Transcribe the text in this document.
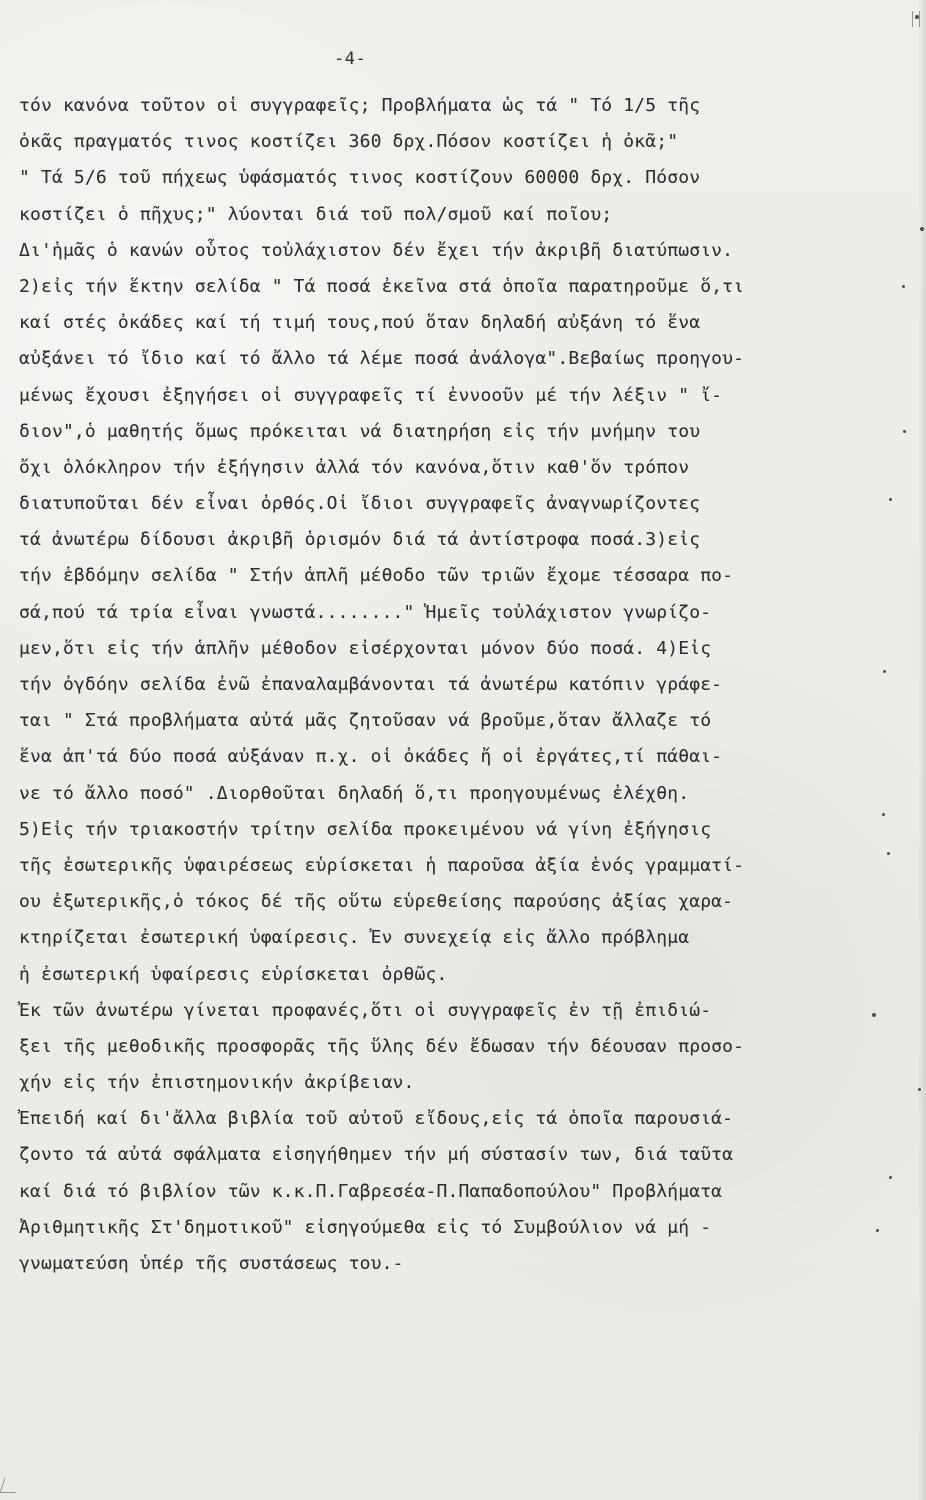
-4-
τόν κανόνα τοῦτον οἱ συγγραφεῖς; Προβλήματα ὡς τά " Τό 1/5 τῆς
ὀκᾶς πραγματός τινος κοστίζει 360 δρχ.Πόσον κοστίζει ἡ ὀκᾶ;"
" Τά 5/6 τοῦ πήχεως ὑφάσματός τινος κοστίζουν 60000 δρχ. Πόσον
κοστίζει ὁ πῆχυς;" λύονται διά τοῦ πολ/σμοῦ καί ποῖου;
Δι'ἡμᾶς ὁ κανών οὗτος τοὐλάχιστον δέν ἔχει τήν ἀκριβῆ διατύπωσιν.
2)εἰς τήν ἕκτην σελίδα " Τά ποσά ἐκεῖνα στά ὁποῖα παρατηροῦμε ὅ,τι
καί στές ὀκάδες καί τή τιμή τους,πού ὅταν δηλαδή αὐξάνη τό ἕνα
αὐξάνει τό ἴδιο καί τό ἄλλο τά λέμε ποσά ἀνάλογα".Βεβαίως προηγου-
μένως ἔχουσι ἐξηγήσει οἱ συγγραφεῖς τί ἐννοοῦν μέ τήν λέξιν " ἴ-
διον",ὁ μαθητής ὅμως πρόκειται νά διατηρήση εἰς τήν μνήμην του
ὄχι ὁλόκληρον τήν ἐξήγησιν ἀλλά τόν κανόνα,ὅτιν καθ'ὅν τρόπον
διατυποῦται δέν εἶναι ὀρθός.Οἱ ἴδιοι συγγραφεῖς ἀναγνωρίζοντες
τά ἀνωτέρω δίδουσι ἀκριβῆ ὁρισμόν διά τά ἀντίστροφα ποσά.3)εἰς
τήν ἑβδόμην σελίδα " Στήν ἁπλῆ μέθοδο τῶν τριῶν ἔχομε τέσσαρα πο-
σά,πού τά τρία εἶναι γνωστά........" Ἡμεῖς τοὐλάχιστον γνωρίζο-
μεν,ὅτι εἰς τήν ἁπλῆν μέθοδον εἰσέρχονται μόνον δύο ποσά. 4)Εἰς
τήν ὀγδόην σελίδα ἐνῶ ἐπαναλαμβάνονται τά ἀνωτέρω κατόπιν γράφε-
ται " Στά προβλήματα αὐτά μᾶς ζητοῦσαν νά βροῦμε,ὅταν ἄλλαζε τό
ἕνα ἀπ'τά δύο ποσά αὐξάναν π.χ. οἱ ὀκάδες ἤ οἱ ἐργάτες,τί πάθαι-
νε τό ἄλλο ποσό" .Διορθοῦται δηλαδή ὅ,τι προηγουμένως ἐλέχθη.
5)Εἰς τήν τριακοστήν τρίτην σελίδα προκειμένου νά γίνη ἐξήγησις
τῆς ἐσωτερικῆς ὑφαιρέσεως εὑρίσκεται ἡ παροῦσα ἀξία ἑνός γραμματί-
ου ἐξωτερικῆς,ὁ τόκος δέ τῆς οὕτω εὑρεθείσης παρούσης ἀξίας χαρα-
κτηρίζεται ἐσωτερική ὑφαίρεσις. Ἐν συνεχείᾳ εἰς ἄλλο πρόβλημα
ἡ ἐσωτερική ὑφαίρεσις εὑρίσκεται ὀρθῶς.
Ἐκ τῶν ἀνωτέρω γίνεται προφανές,ὅτι οἱ συγγραφεῖς ἐν τῇ ἐπιδιώ-
ξει τῆς μεθοδικῆς προσφορᾶς τῆς ὕλης δέν ἔδωσαν τήν δέουσαν προσο-
χήν εἰς τήν ἐπιστημονικήν ἀκρίβειαν.
Ἐπειδή καί δι'ἄλλα βιβλία τοῦ αὐτοῦ εἴδους,εἰς τά ὁποῖα παρουσιά-
ζοντο τά αὐτά σφάλματα εἰσηγήθημεν τήν μή σύστασίν των, διά ταῦτα
καί διά τό βιβλίον τῶν κ.κ.Π.Γαβρεσέα-Π.Παπαδοπούλου" Προβλήματα
Ἀριθμητικῆς Στ'δημοτικοῦ" εἰσηγούμεθα εἰς τό Συμβούλιον νά μή -
γνωματεύση ὑπέρ τῆς συστάσεως του.-
